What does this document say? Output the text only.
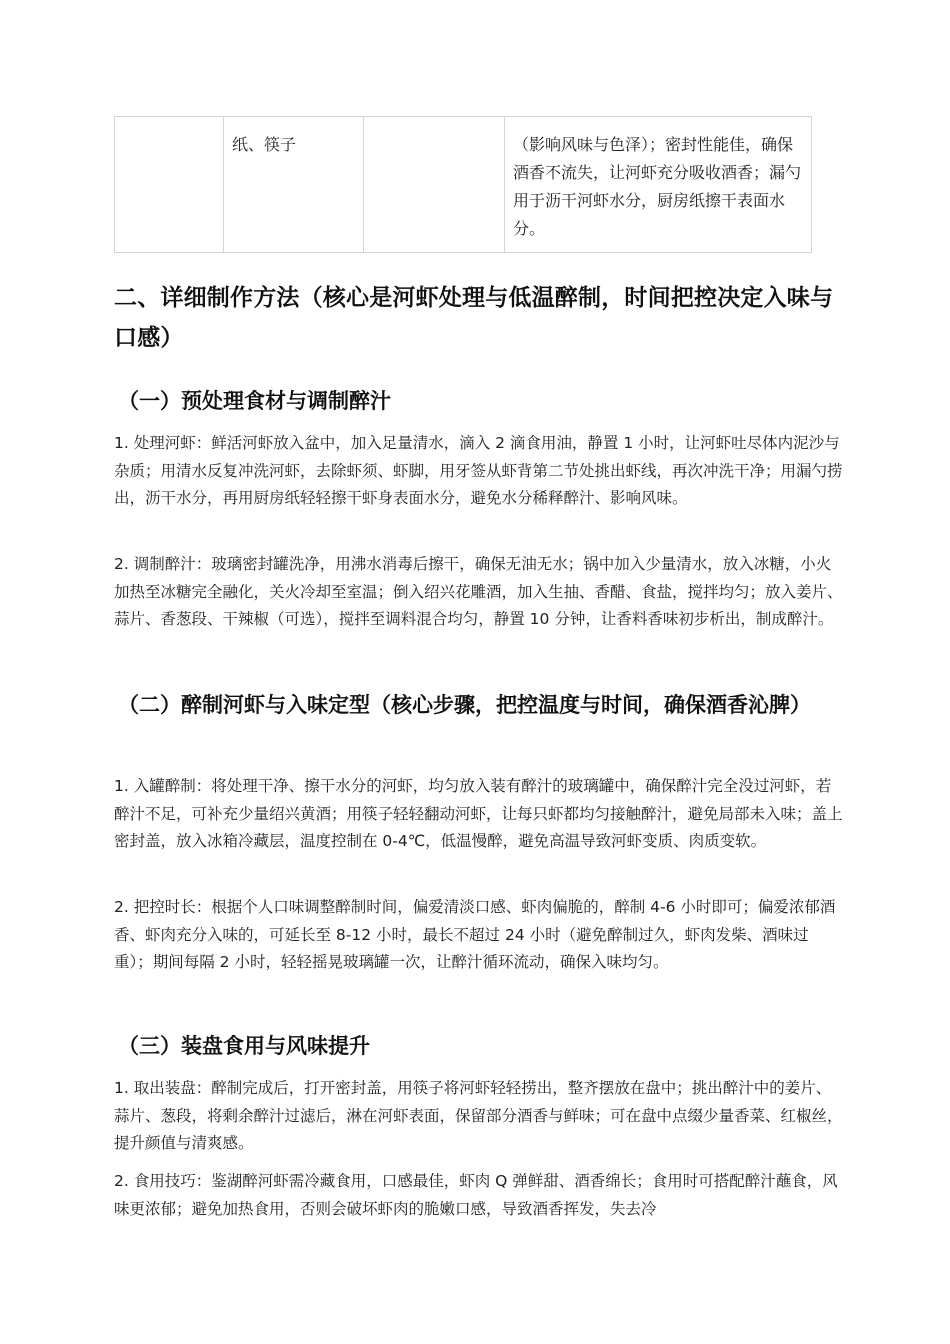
	纸、筷子		（影响风味与色泽）；密封性能佳，确保酒香不流失，让河虾充分吸收酒香；漏勺用于沥干河虾水分，厨房纸擦干表面水分。
二、详细制作方法（核心是河虾处理与低温醉制，时间把控决定入味与口感）
（一）预处理食材与调制醉汁

1. 处理河虾：鲜活河虾放入盆中，加入足量清水，滴入 2 滴食用油，静置 1 小时，让河虾吐尽体内泥沙与杂质；用清水反复冲洗河虾，去除虾须、虾脚，用牙签从虾背第二节处挑出虾线，再次冲洗干净；用漏勺捞出，沥干水分，再用厨房纸轻轻擦干虾身表面水分，避免水分稀释醉汁、影响风味。

2. 调制醉汁：玻璃密封罐洗净，用沸水消毒后擦干，确保无油无水；锅中加入少量清水，放入冰糖，小火加热至冰糖完全融化，关火冷却至室温；倒入绍兴花雕酒，加入生抽、香醋、食盐，搅拌均匀；放入姜片、蒜片、香葱段、干辣椒（可选），搅拌至调料混合均匀，静置 10 分钟，让香料香味初步析出，制成醉汁。

（二）醉制河虾与入味定型（核心步骤，把控温度与时间，确保酒香沁脾）

1. 入罐醉制：将处理干净、擦干水分的河虾，均匀放入装有醉汁的玻璃罐中，确保醉汁完全没过河虾，若醉汁不足，可补充少量绍兴黄酒；用筷子轻轻翻动河虾，让每只虾都均匀接触醉汁，避免局部未入味；盖上密封盖，放入冰箱冷藏层，温度控制在 0-4℃，低温慢醉，避免高温导致河虾变质、肉质变软。

2. 把控时长：根据个人口味调整醉制时间，偏爱清淡口感、虾肉偏脆的，醉制 4-6 小时即可；偏爱浓郁酒香、虾肉充分入味的，可延长至 8-12 小时，最长不超过 24 小时（避免醉制过久，虾肉发柴、酒味过重）；期间每隔 2 小时，轻轻摇晃玻璃罐一次，让醉汁循环流动，确保入味均匀。

（三）装盘食用与风味提升

1. 取出装盘：醉制完成后，打开密封盖，用筷子将河虾轻轻捞出，整齐摆放在盘中；挑出醉汁中的姜片、蒜片、葱段，将剩余醉汁过滤后，淋在河虾表面，保留部分酒香与鲜味；可在盘中点缀少量香菜、红椒丝，提升颜值与清爽感。

2. 食用技巧：鉴湖醉河虾需冷藏食用，口感最佳，虾肉 Q 弹鲜甜、酒香绵长；食用时可搭配醉汁蘸食，风味更浓郁；避免加热食用，否则会破坏虾肉的脆嫩口感，导致酒香挥发，失去冷
